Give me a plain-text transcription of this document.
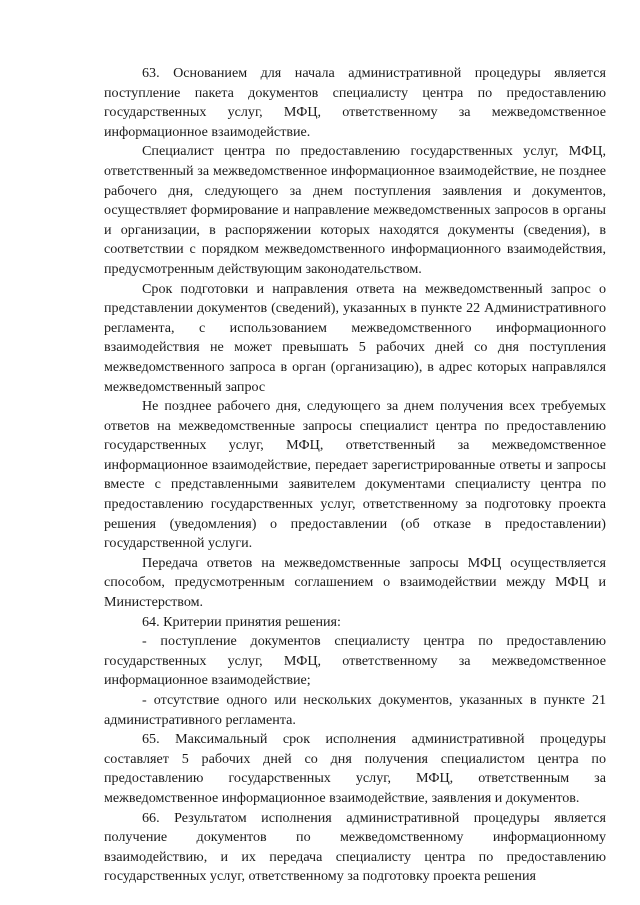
63. Основанием для начала административной процедуры является поступление пакета документов специалисту центра по предоставлению государственных услуг, МФЦ, ответственному за межведомственное информационное взаимодействие.

Специалист центра по предоставлению государственных услуг, МФЦ, ответственный за межведомственное информационное взаимодействие, не позднее рабочего дня, следующего за днем поступления заявления и документов, осуществляет формирование и направление межведомственных запросов в органы и организации, в распоряжении которых находятся документы (сведения), в соответствии с порядком межведомственного информационного взаимодействия, предусмотренным действующим законодательством.

Срок подготовки и направления ответа на межведомственный запрос о представлении документов (сведений), указанных в пункте 22 Административного регламента, с использованием межведомственного информационного взаимодействия не может превышать 5 рабочих дней со дня поступления межведомственного запроса в орган (организацию), в адрес которых направлялся межведомственный запрос

Не позднее рабочего дня, следующего за днем получения всех требуемых ответов на межведомственные запросы специалист центра по предоставлению государственных услуг, МФЦ, ответственный за межведомственное информационное взаимодействие, передает зарегистрированные ответы и запросы вместе с представленными заявителем документами специалисту центра по предоставлению государственных услуг, ответственному за подготовку проекта решения (уведомления) о предоставлении (об отказе в предоставлении) государственной услуги.

Передача ответов на межведомственные запросы МФЦ осуществляется способом, предусмотренным соглашением о взаимодействии между МФЦ и Министерством.

64. Критерии принятия решения:

- поступление документов специалисту центра по предоставлению государственных услуг, МФЦ, ответственному за межведомственное информационное взаимодействие;

- отсутствие одного или нескольких документов, указанных в пункте 21 административного регламента.

65. Максимальный срок исполнения административной процедуры составляет 5 рабочих дней со дня получения специалистом центра по предоставлению государственных услуг, МФЦ, ответственным за межведомственное информационное взаимодействие, заявления и документов.

66. Результатом исполнения административной процедуры является получение документов по межведомственному информационному взаимодействию, и их передача специалисту центра по предоставлению государственных услуг, ответственному за подготовку проекта решения
